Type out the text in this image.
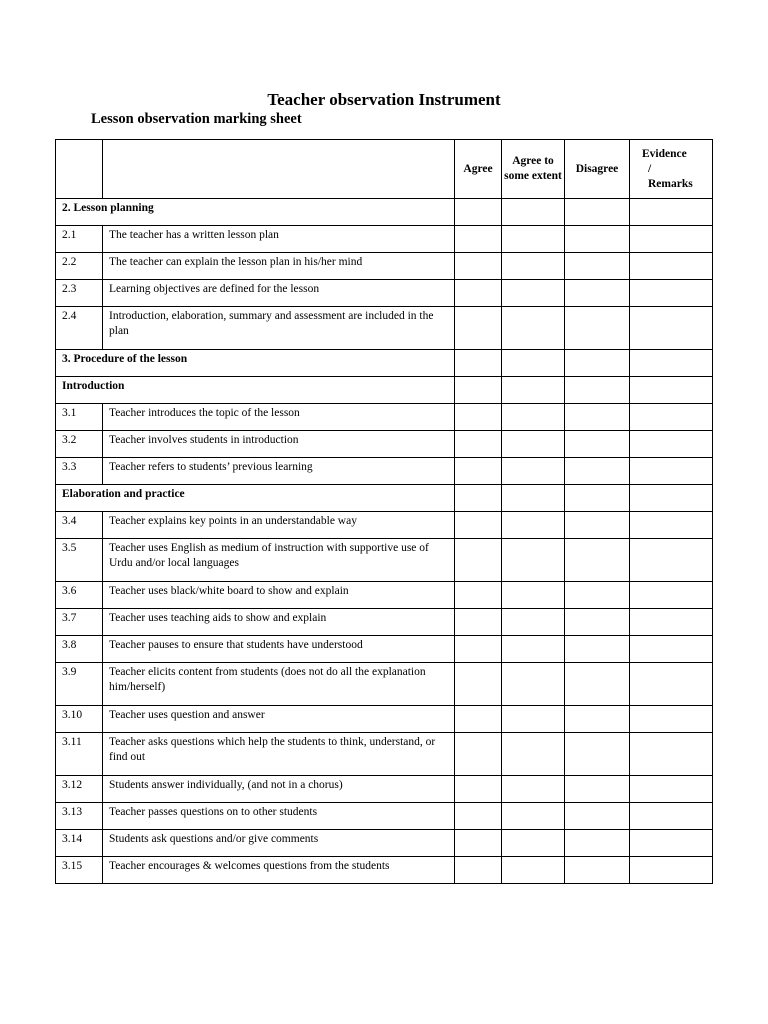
Teacher observation Instrument
Lesson observation marking sheet
		Agree	Agree to some extent	Disagree	Evidence
/
Remarks

2. Lesson planning					
2.1	The teacher has a written lesson plan				
2.2	The teacher can explain the lesson plan in his/her mind				
2.3	Learning objectives are defined for the lesson				
2.4	Introduction, elaboration, summary and assessment are included in the plan				
3. Procedure of the lesson					
Introduction					
3.1	Teacher introduces the topic of the lesson				
3.2	Teacher involves students in introduction				
3.3	Teacher refers to students’ previous learning				
Elaboration and practice					
3.4	Teacher explains key points in an understandable way				
3.5	Teacher uses English as medium of instruction with supportive use of Urdu and/or local languages				
3.6	Teacher uses black/white board to show and explain				
3.7	Teacher uses teaching aids to show and explain				
3.8	Teacher pauses to ensure that students have understood				
3.9	Teacher elicits content from students (does not do all the explanation him/herself)				
3.10	Teacher uses question and answer				
3.11	Teacher asks questions which help the students to think, understand, or find out				
3.12	Students answer individually, (and not in a chorus)				
3.13	Teacher passes questions on to other students				
3.14	Students ask questions and/or give comments				
3.15	Teacher encourages & welcomes questions from the students				
